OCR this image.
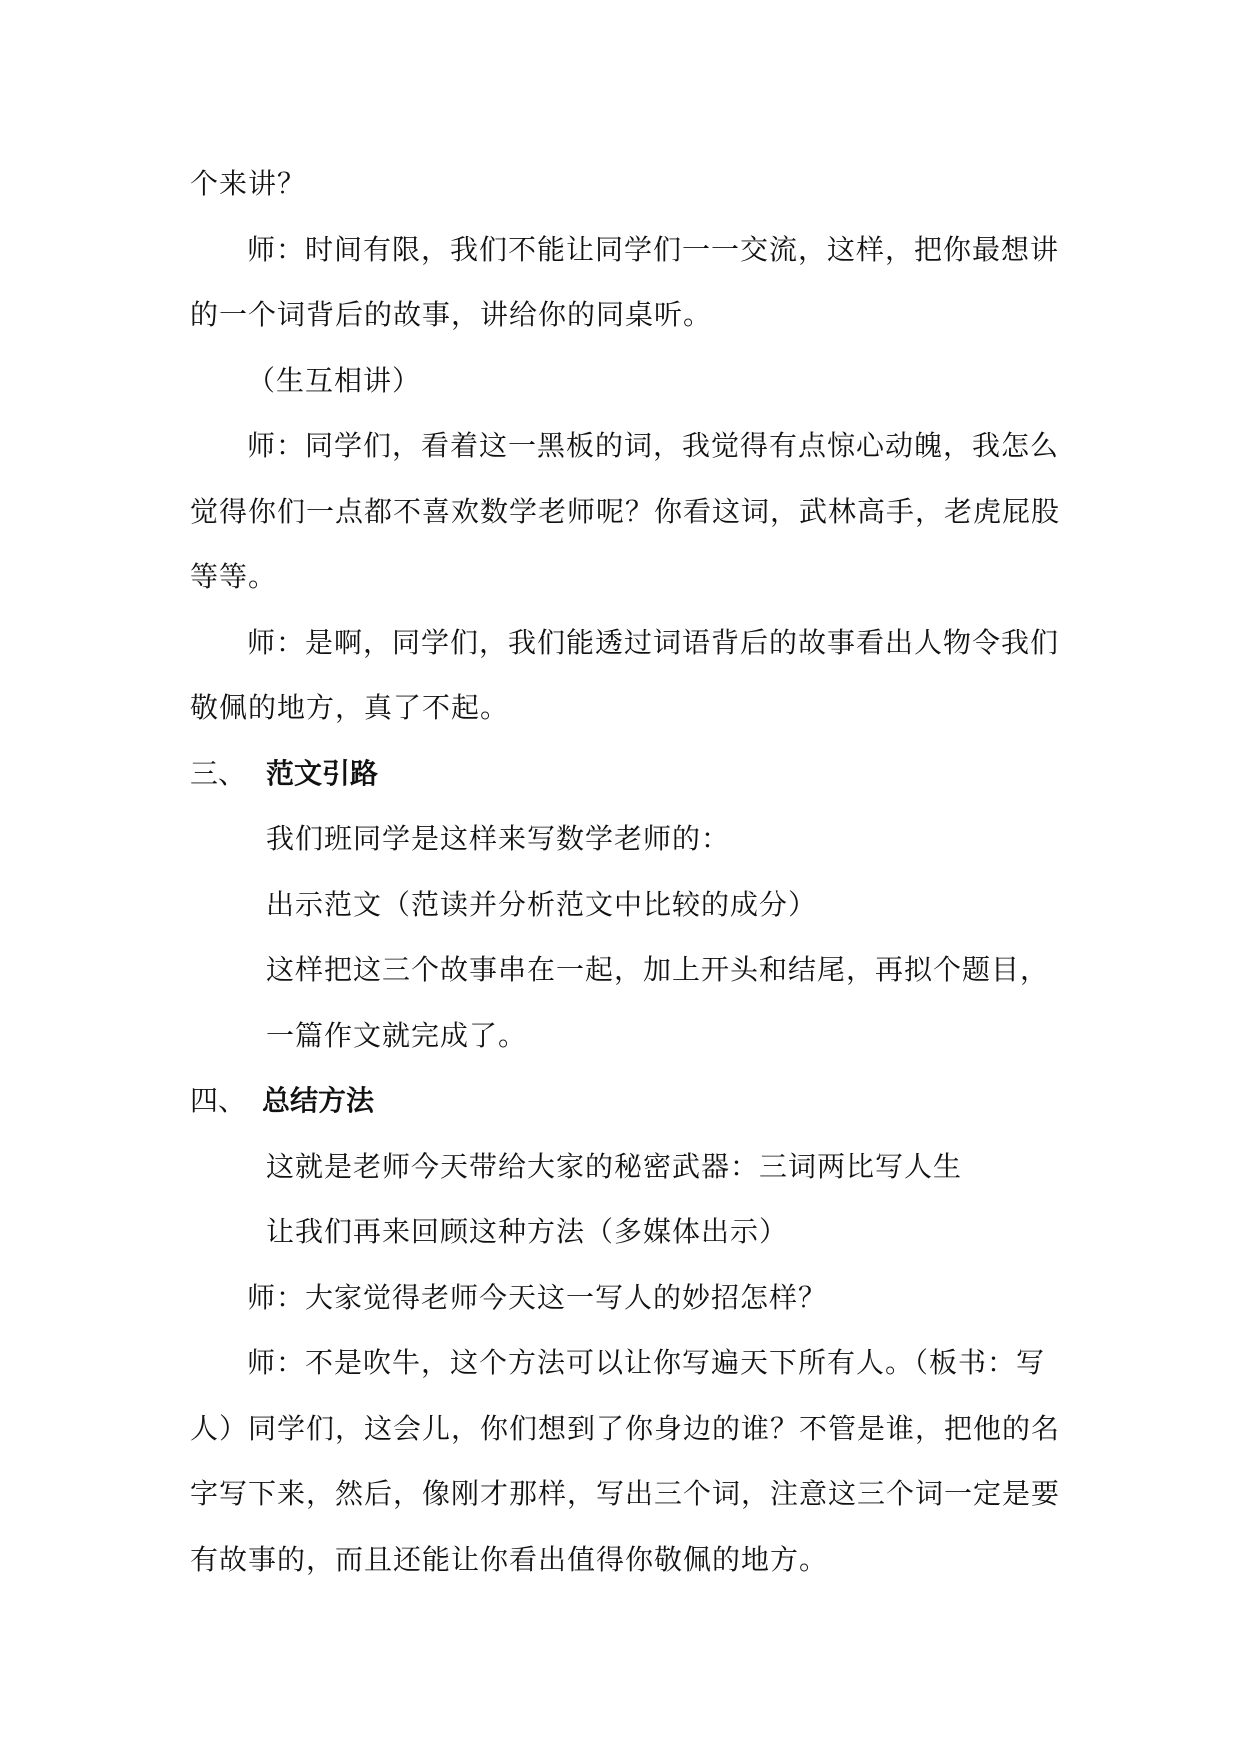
个来讲？
师：时间有限，我们不能让同学们一一交流，这样，把你最想讲
的一个词背后的故事，讲给你的同桌听。
（生互相讲）
师：同学们，看着这一黑板的词，我觉得有点惊心动魄，我怎么
觉得你们一点都不喜欢数学老师呢？你看这词，武林高手，老虎屁股
等等。
师：是啊，同学们，我们能透过词语背后的故事看出人物令我们
敬佩的地方，真了不起。
三、 范文引路
我们班同学是这样来写数学老师的：
出示范文（范读并分析范文中比较的成分）
这样把这三个故事串在一起，加上开头和结尾，再拟个题目，
一篇作文就完成了。
四、 总结方法
这就是老师今天带给大家的秘密武器：三词两比写人生
让我们再来回顾这种方法（多媒体出示）
师：大家觉得老师今天这一写人的妙招怎样？
师：不是吹牛，这个方法可以让你写遍天下所有人。（板书：写
人）同学们，这会儿，你们想到了你身边的谁？不管是谁，把他的名
字写下来，然后，像刚才那样，写出三个词，注意这三个词一定是要
有故事的，而且还能让你看出值得你敬佩的地方。
